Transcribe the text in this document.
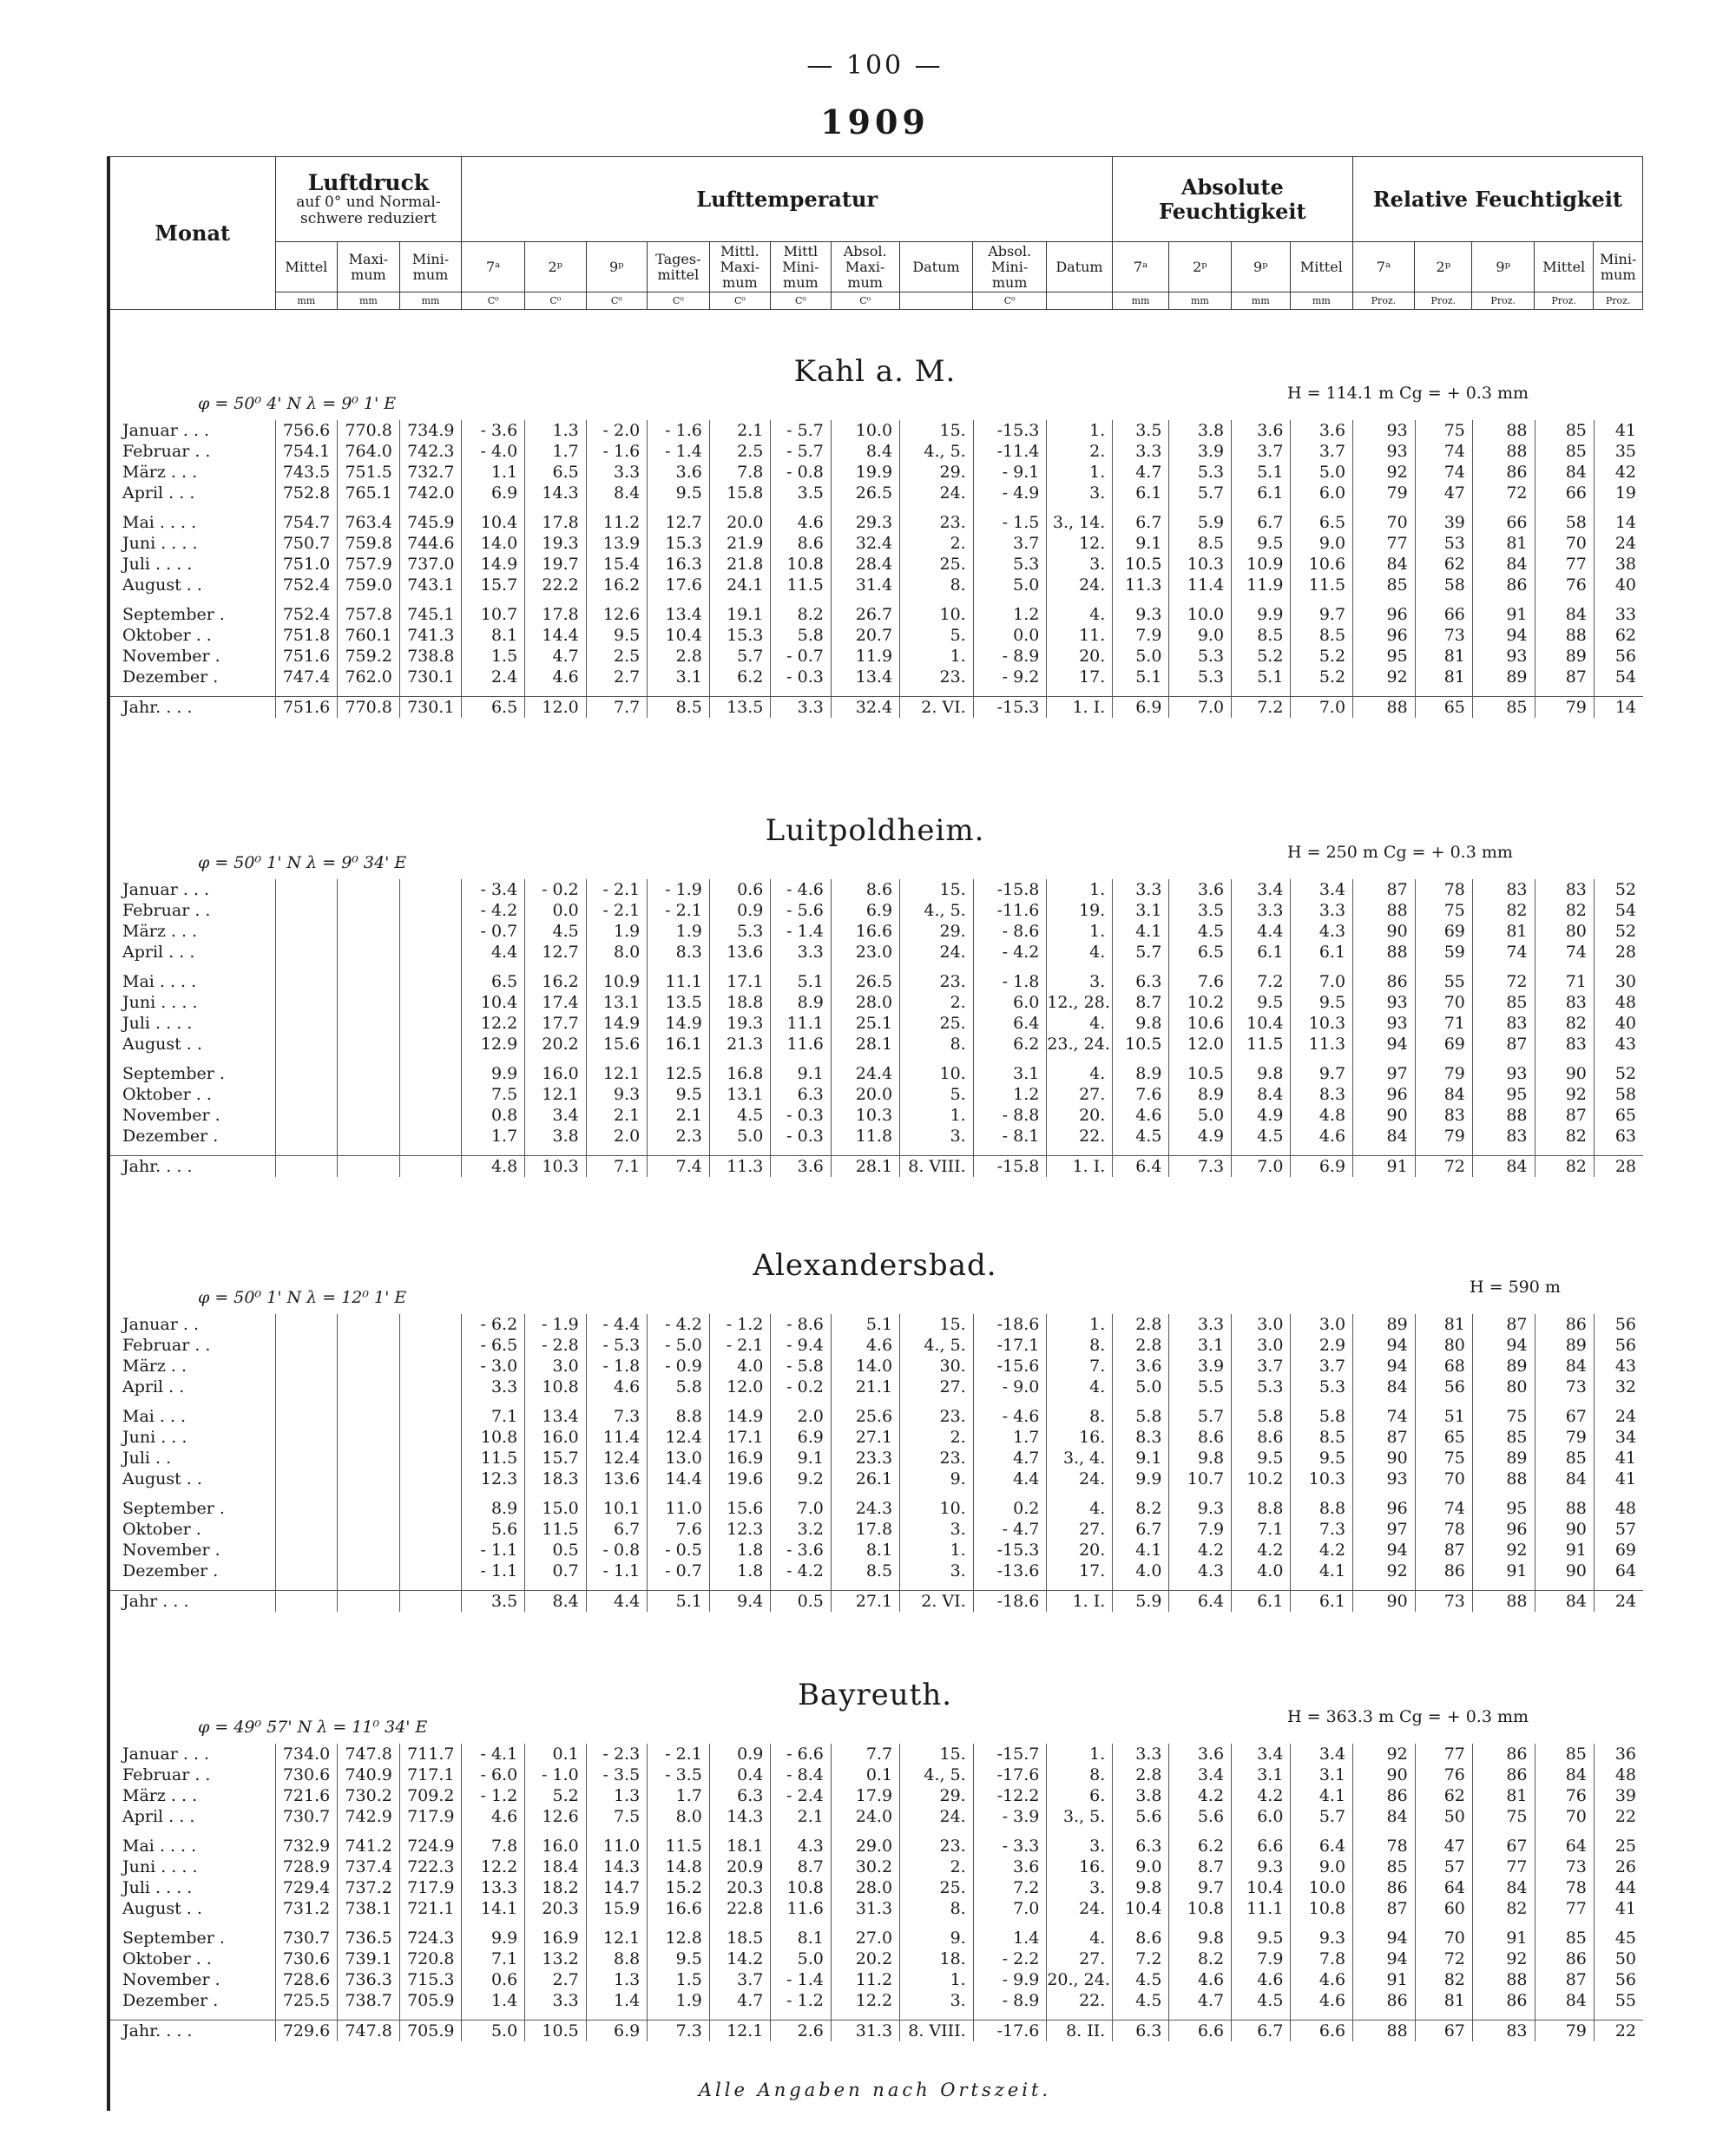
— 100 —
1909
Monat	Luftdruck
auf 0° und Normal- schwere reduziert			Lufttemperatur										Absolute Feuchtigkeit				Relative Feuchtigkeit				
	Mittel	Maxi- mum	Mini- mum	7ᵃ	2ᵖ	9ᵖ	Tages- mittel	Mittl. Maxi- mum	Mittl Mini- mum	Absol. Maxi- mum	Datum	Absol. Mini- mum	Datum	7ᵃ	2ᵖ	9ᵖ	Mittel	7ᵃ	2ᵖ	9ᵖ	Mittel	Mini- mum
	mm	mm	mm	C⁰	C⁰	C⁰	C⁰	C⁰	C⁰	C⁰		C⁰		mm	mm	mm	mm	Proz.	Proz.	Proz.	Proz.	Proz.
Alle Angaben nach Ortszeit.
Kahl a. M.
φ = 50⁰ 4' N λ = 9⁰ 1' E
H = 114.1 m Cg = + 0.3 mm
Januar . . .	756.6	770.8	734.9	- 3.6	1.3	- 2.0	- 1.6	2.1	- 5.7	10.0	15.	-15.3	1.	3.5	3.8	3.6	3.6	93	75	88	85	41
Februar . .	754.1	764.0	742.3	- 4.0	1.7	- 1.6	- 1.4	2.5	- 5.7	8.4	4., 5.	-11.4	2.	3.3	3.9	3.7	3.7	93	74	88	85	35
März . . .	743.5	751.5	732.7	1.1	6.5	3.3	3.6	7.8	- 0.8	19.9	29.	- 9.1	1.	4.7	5.3	5.1	5.0	92	74	86	84	42
April . . .	752.8	765.1	742.0	6.9	14.3	8.4	9.5	15.8	3.5	26.5	24.	- 4.9	3.	6.1	5.7	6.1	6.0	79	47	72	66	19

Mai . . . .	754.7	763.4	745.9	10.4	17.8	11.2	12.7	20.0	4.6	29.3	23.	- 1.5	3., 14.	6.7	5.9	6.7	6.5	70	39	66	58	14
Juni . . . .	750.7	759.8	744.6	14.0	19.3	13.9	15.3	21.9	8.6	32.4	2.	3.7	12.	9.1	8.5	9.5	9.0	77	53	81	70	24
Juli . . . .	751.0	757.9	737.0	14.9	19.7	15.4	16.3	21.8	10.8	28.4	25.	5.3	3.	10.5	10.3	10.9	10.6	84	62	84	77	38
August . .	752.4	759.0	743.1	15.7	22.2	16.2	17.6	24.1	11.5	31.4	8.	5.0	24.	11.3	11.4	11.9	11.5	85	58	86	76	40

September .	752.4	757.8	745.1	10.7	17.8	12.6	13.4	19.1	8.2	26.7	10.	1.2	4.	9.3	10.0	9.9	9.7	96	66	91	84	33
Oktober . .	751.8	760.1	741.3	8.1	14.4	9.5	10.4	15.3	5.8	20.7	5.	0.0	11.	7.9	9.0	8.5	8.5	96	73	94	88	62
November .	751.6	759.2	738.8	1.5	4.7	2.5	2.8	5.7	- 0.7	11.9	1.	- 8.9	20.	5.0	5.3	5.2	5.2	95	81	93	89	56
Dezember .	747.4	762.0	730.1	2.4	4.6	2.7	3.1	6.2	- 0.3	13.4	23.	- 9.2	17.	5.1	5.3	5.1	5.2	92	81	89	87	54

Jahr. . . .	751.6	770.8	730.1	6.5	12.0	7.7	8.5	13.5	3.3	32.4	2. VI.	-15.3	1. I.	6.9	7.0	7.2	7.0	88	65	85	79	14
Luitpoldheim.
φ = 50⁰ 1' N λ = 9⁰ 34' E
H = 250 m Cg = + 0.3 mm
Januar . . .				- 3.4	- 0.2	- 2.1	- 1.9	0.6	- 4.6	8.6	15.	-15.8	1.	3.3	3.6	3.4	3.4	87	78	83	83	52
Februar . .				- 4.2	0.0	- 2.1	- 2.1	0.9	- 5.6	6.9	4., 5.	-11.6	19.	3.1	3.5	3.3	3.3	88	75	82	82	54
März . . .				- 0.7	4.5	1.9	1.9	5.3	- 1.4	16.6	29.	- 8.6	1.	4.1	4.5	4.4	4.3	90	69	81	80	52
April . . .				4.4	12.7	8.0	8.3	13.6	3.3	23.0	24.	- 4.2	4.	5.7	6.5	6.1	6.1	88	59	74	74	28

Mai . . . .				6.5	16.2	10.9	11.1	17.1	5.1	26.5	23.	- 1.8	3.	6.3	7.6	7.2	7.0	86	55	72	71	30
Juni . . . .				10.4	17.4	13.1	13.5	18.8	8.9	28.0	2.	6.0	12., 28.	8.7	10.2	9.5	9.5	93	70	85	83	48
Juli . . . .				12.2	17.7	14.9	14.9	19.3	11.1	25.1	25.	6.4	4.	9.8	10.6	10.4	10.3	93	71	83	82	40
August . .				12.9	20.2	15.6	16.1	21.3	11.6	28.1	8.	6.2	23., 24.	10.5	12.0	11.5	11.3	94	69	87	83	43

September .				9.9	16.0	12.1	12.5	16.8	9.1	24.4	10.	3.1	4.	8.9	10.5	9.8	9.7	97	79	93	90	52
Oktober . .				7.5	12.1	9.3	9.5	13.1	6.3	20.0	5.	1.2	27.	7.6	8.9	8.4	8.3	96	84	95	92	58
November .				0.8	3.4	2.1	2.1	4.5	- 0.3	10.3	1.	- 8.8	20.	4.6	5.0	4.9	4.8	90	83	88	87	65
Dezember .				1.7	3.8	2.0	2.3	5.0	- 0.3	11.8	3.	- 8.1	22.	4.5	4.9	4.5	4.6	84	79	83	82	63

Jahr. . . .				4.8	10.3	7.1	7.4	11.3	3.6	28.1	8. VIII.	-15.8	1. I.	6.4	7.3	7.0	6.9	91	72	84	82	28
Alexandersbad.
φ = 50⁰ 1' N λ = 12⁰ 1' E
H = 590 m
Januar . .				- 6.2	- 1.9	- 4.4	- 4.2	- 1.2	- 8.6	5.1	15.	-18.6	1.	2.8	3.3	3.0	3.0	89	81	87	86	56
Februar . .				- 6.5	- 2.8	- 5.3	- 5.0	- 2.1	- 9.4	4.6	4., 5.	-17.1	8.	2.8	3.1	3.0	2.9	94	80	94	89	56
März . .				- 3.0	3.0	- 1.8	- 0.9	4.0	- 5.8	14.0	30.	-15.6	7.	3.6	3.9	3.7	3.7	94	68	89	84	43
April . .				3.3	10.8	4.6	5.8	12.0	- 0.2	21.1	27.	- 9.0	4.	5.0	5.5	5.3	5.3	84	56	80	73	32

Mai . . .				7.1	13.4	7.3	8.8	14.9	2.0	25.6	23.	- 4.6	8.	5.8	5.7	5.8	5.8	74	51	75	67	24
Juni . . .				10.8	16.0	11.4	12.4	17.1	6.9	27.1	2.	1.7	16.	8.3	8.6	8.6	8.5	87	65	85	79	34
Juli . .				11.5	15.7	12.4	13.0	16.9	9.1	23.3	23.	4.7	3., 4.	9.1	9.8	9.5	9.5	90	75	89	85	41
August . .				12.3	18.3	13.6	14.4	19.6	9.2	26.1	9.	4.4	24.	9.9	10.7	10.2	10.3	93	70	88	84	41

September .				8.9	15.0	10.1	11.0	15.6	7.0	24.3	10.	0.2	4.	8.2	9.3	8.8	8.8	96	74	95	88	48
Oktober .				5.6	11.5	6.7	7.6	12.3	3.2	17.8	3.	- 4.7	27.	6.7	7.9	7.1	7.3	97	78	96	90	57
November .				- 1.1	0.5	- 0.8	- 0.5	1.8	- 3.6	8.1	1.	-15.3	20.	4.1	4.2	4.2	4.2	94	87	92	91	69
Dezember .				- 1.1	0.7	- 1.1	- 0.7	1.8	- 4.2	8.5	3.	-13.6	17.	4.0	4.3	4.0	4.1	92	86	91	90	64

Jahr . . .				3.5	8.4	4.4	5.1	9.4	0.5	27.1	2. VI.	-18.6	1. I.	5.9	6.4	6.1	6.1	90	73	88	84	24
Bayreuth.
φ = 49⁰ 57' N λ = 11⁰ 34' E
H = 363.3 m Cg = + 0.3 mm
Januar . . .	734.0	747.8	711.7	- 4.1	0.1	- 2.3	- 2.1	0.9	- 6.6	7.7	15.	-15.7	1.	3.3	3.6	3.4	3.4	92	77	86	85	36
Februar . .	730.6	740.9	717.1	- 6.0	- 1.0	- 3.5	- 3.5	0.4	- 8.4	0.1	4., 5.	-17.6	8.	2.8	3.4	3.1	3.1	90	76	86	84	48
März . . .	721.6	730.2	709.2	- 1.2	5.2	1.3	1.7	6.3	- 2.4	17.9	29.	-12.2	6.	3.8	4.2	4.2	4.1	86	62	81	76	39
April . . .	730.7	742.9	717.9	4.6	12.6	7.5	8.0	14.3	2.1	24.0	24.	- 3.9	3., 5.	5.6	5.6	6.0	5.7	84	50	75	70	22

Mai . . . .	732.9	741.2	724.9	7.8	16.0	11.0	11.5	18.1	4.3	29.0	23.	- 3.3	3.	6.3	6.2	6.6	6.4	78	47	67	64	25
Juni . . . .	728.9	737.4	722.3	12.2	18.4	14.3	14.8	20.9	8.7	30.2	2.	3.6	16.	9.0	8.7	9.3	9.0	85	57	77	73	26
Juli . . . .	729.4	737.2	717.9	13.3	18.2	14.7	15.2	20.3	10.8	28.0	25.	7.2	3.	9.8	9.7	10.4	10.0	86	64	84	78	44
August . .	731.2	738.1	721.1	14.1	20.3	15.9	16.6	22.8	11.6	31.3	8.	7.0	24.	10.4	10.8	11.1	10.8	87	60	82	77	41

September .	730.7	736.5	724.3	9.9	16.9	12.1	12.8	18.5	8.1	27.0	9.	1.4	4.	8.6	9.8	9.5	9.3	94	70	91	85	45
Oktober . .	730.6	739.1	720.8	7.1	13.2	8.8	9.5	14.2	5.0	20.2	18.	- 2.2	27.	7.2	8.2	7.9	7.8	94	72	92	86	50
November .	728.6	736.3	715.3	0.6	2.7	1.3	1.5	3.7	- 1.4	11.2	1.	- 9.9	20., 24.	4.5	4.6	4.6	4.6	91	82	88	87	56
Dezember .	725.5	738.7	705.9	1.4	3.3	1.4	1.9	4.7	- 1.2	12.2	3.	- 8.9	22.	4.5	4.7	4.5	4.6	86	81	86	84	55

Jahr. . . .	729.6	747.8	705.9	5.0	10.5	6.9	7.3	12.1	2.6	31.3	8. VIII.	-17.6	8. II.	6.3	6.6	6.7	6.6	88	67	83	79	22
